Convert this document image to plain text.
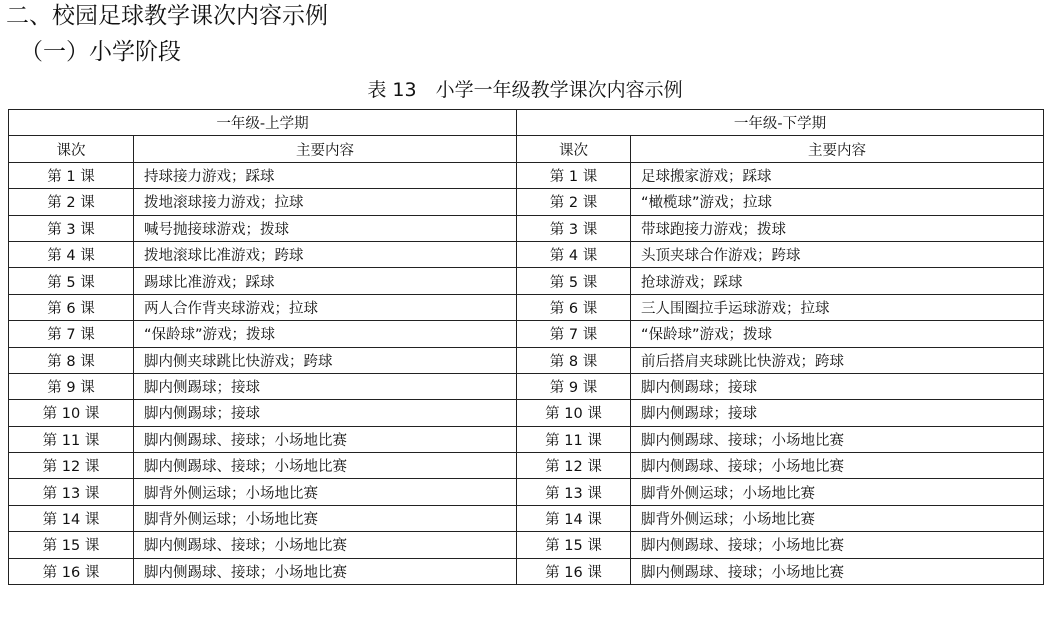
二、校园足球教学课次内容示例
（一）小学阶段
表 13　小学一年级教学课次内容示例
一年级-上学期		一年级-下学期	
课次	主要内容	课次	主要内容
第 1 课	持球接力游戏；踩球	第 1 课	足球搬家游戏；踩球
第 2 课	拨地滚球接力游戏；拉球	第 2 课	“橄榄球”游戏；拉球
第 3 课	喊号抛接球游戏；拨球	第 3 课	带球跑接力游戏；拨球
第 4 课	拨地滚球比准游戏；跨球	第 4 课	头顶夹球合作游戏；跨球
第 5 课	踢球比准游戏；踩球	第 5 课	抢球游戏；踩球
第 6 课	两人合作背夹球游戏；拉球	第 6 课	三人围圈拉手运球游戏；拉球
第 7 课	“保龄球”游戏；拨球	第 7 课	“保龄球”游戏；拨球
第 8 课	脚内侧夹球跳比快游戏；跨球	第 8 课	前后搭肩夹球跳比快游戏；跨球
第 9 课	脚内侧踢球；接球	第 9 课	脚内侧踢球；接球
第 10 课	脚内侧踢球；接球	第 10 课	脚内侧踢球；接球
第 11 课	脚内侧踢球、接球；小场地比赛	第 11 课	脚内侧踢球、接球；小场地比赛
第 12 课	脚内侧踢球、接球；小场地比赛	第 12 课	脚内侧踢球、接球；小场地比赛
第 13 课	脚背外侧运球；小场地比赛	第 13 课	脚背外侧运球；小场地比赛
第 14 课	脚背外侧运球；小场地比赛	第 14 课	脚背外侧运球；小场地比赛
第 15 课	脚内侧踢球、接球；小场地比赛	第 15 课	脚内侧踢球、接球；小场地比赛
第 16 课	脚内侧踢球、接球；小场地比赛	第 16 课	脚内侧踢球、接球；小场地比赛
